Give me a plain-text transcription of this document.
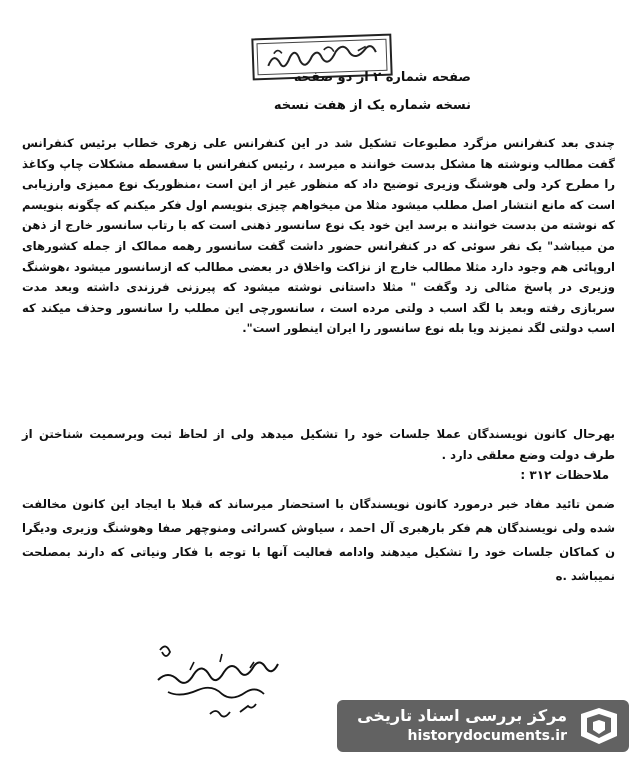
صفحه شماره ۲ از دو صفحه
نسخه شماره یک از هفت نسخه

چندی بعد کنفرانس مزگرد مطبوعات تشکیل شد در این کنفرانس علی زهری خطاب برئیس کنفرانس گفت مطالب ونوشته ها مشکل بدست خوانند ه میرسد ، رئیس کنفرانس با سفسطه مشکلات چاپ وکاغذ را مطرح کرد ولی هوشنگ وزیری توضیح داد که منظور غیر از این است ،منظوریک نوع ممیزی وارزیابی است که مانع انتشار اصل مطلب میشود مثلا من میخواهم چیزی بنویسم اول فکر میکنم که چگونه بنویسم که نوشته من بدست خوانند ه برسد این خود یک نوع سانسور ذهنی است که با رتاب سانسور خارج از ذهن من میباشد" یک نفر سوئی که در کنفرانس حضور داشت گفت سانسور رهمه ممالک از جمله کشورهای اروپائی هم وجود دارد مثلا مطالب خارج از نزاکت واخلاق در بعضی مطالب که ازسانسور میشود ،هوشنگ وزیری در پاسخ مثالی زد وگفت " مثلا داستانی نوشته میشود که پیرزنی فرزندی داشته وبعد مدت سربازی رفته وبعد با لگد اسب د ولتی مرده است ، سانسورچی این مطلب را سانسور وحذف میکند که اسب دولتی لگد نمیزند ویا بله نوع سانسور را ایران اینطور است".

بهرحال کانون نویسندگان عملا جلسات خود را تشکیل میدهد ولی از لحاظ ثبت وبرسمیت شناختن از طرف دولت وضع معلقی دارد .

ملاحظات ۳۱۲ :

ضمن تائید مفاد خبر درمورد کانون نویسندگان با استحضار میرساند که قبلا با ایجاد این کانون مخالفت شده ولی نویسندگان هم فکر بارهبری آل احمد ، سیاوش کسرائی ومنوچهر صفا وهوشنگ وزیری ودیگرا ن کماکان جلسات خود را تشکیل میدهند وادامه فعالیت آنها با توجه با فکار ونیاتی که دارند بمصلحت نمیباشد .ه

مرکز بررسی اسناد تاریخی
historydocuments.ir
